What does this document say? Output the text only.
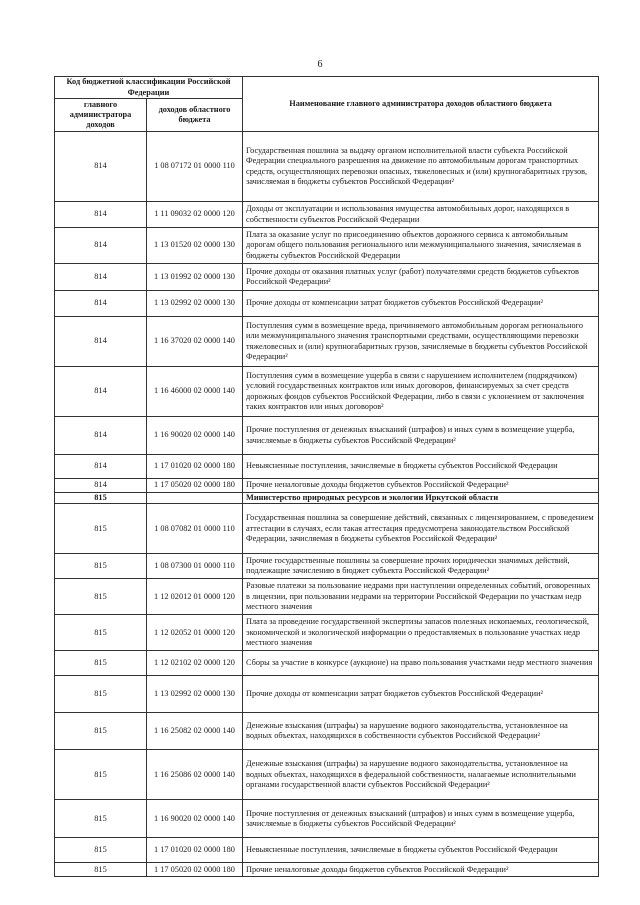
6
Код бюджетной классификации Российской Федерации		Наименование главного администратора доходов областного бюджета
главного администратора доходов	доходов областного бюджета	
814	1 08 07172 01 0000 110	Государственная пошлина за выдачу органом исполнительной власти субъекта Российской Федерации специального разрешения на движение по автомобильным дорогам транспортных средств, осуществляющих перевозки опасных, тяжеловесных и (или) крупногабаритных грузов, зачисляемая в бюджеты субъектов Российской Федерации²
814	1 11 09032 02 0000 120	Доходы от эксплуатации и использования имущества автомобильных дорог, находящихся в собственности субъектов Российской Федерации
814	1 13 01520 02 0000 130	Плата за оказание услуг по присоединению объектов дорожного сервиса к автомобильным дорогам общего пользования регионального или межмуниципального значения, зачисляемая в бюджеты субъектов Российской Федерации
814	1 13 01992 02 0000 130	Прочие доходы от оказания платных услуг (работ) получателями средств бюджетов субъектов Российской Федерации²
814	1 13 02992 02 0000 130	Прочие доходы от компенсации затрат бюджетов субъектов Российской Федерации²
814	1 16 37020 02 0000 140	Поступления сумм в возмещение вреда, причиняемого автомобильным дорогам регионального или межмуниципального значения транспортными средствами, осуществляющими перевозки тяжеловесных и (или) крупногабаритных грузов, зачисляемые в бюджеты субъектов Российской Федерации²
814	1 16 46000 02 0000 140	Поступления сумм в возмещение ущерба в связи с нарушением исполнителем (подрядчиком) условий государственных контрактов или иных договоров, финансируемых за счет средств дорожных фондов субъектов Российской Федерации, либо в связи с уклонением от заключения таких контрактов или иных договоров²
814	1 16 90020 02 0000 140	Прочие поступления от денежных взысканий (штрафов) и иных сумм в возмещение ущерба, зачисляемые в бюджеты субъектов Российской Федерации²
814	1 17 01020 02 0000 180	Невыясненные поступления, зачисляемые в бюджеты субъектов Российской Федерации
814	1 17 05020 02 0000 180	Прочие неналоговые доходы бюджетов субъектов Российской Федерации²
815		Министерство природных ресурсов и экологии Иркутской области
815	1 08 07082 01 0000 110	Государственная пошлина за совершение действий, связанных с лицензированием, с проведением аттестации в случаях, если такая аттестация предусмотрена законодательством Российской Федерации, зачисляемая в бюджеты субъектов Российской Федерации²
815	1 08 07300 01 0000 110	Прочие государственные пошлины за совершение прочих юридически значимых действий, подлежащие зачислению в бюджет субъекта Российской Федерации²
815	1 12 02012 01 0000 120	Разовые платежи за пользование недрами при наступлении определенных событий, оговоренных в лицензии, при пользовании недрами на территории Российской Федерации по участкам недр местного значения
815	1 12 02052 01 0000 120	Плата за проведение государственной экспертизы запасов полезных ископаемых, геологической, экономической и экологической информации о предоставляемых в пользование участках недр местного значения
815	1 12 02102 02 0000 120	Сборы за участие в конкурсе (аукционе) на право пользования участками недр местного значения
815	1 13 02992 02 0000 130	Прочие доходы от компенсации затрат бюджетов субъектов Российской Федерации²
815	1 16 25082 02 0000 140	Денежные взыскания (штрафы) за нарушение водного законодательства, установленное на водных объектах, находящихся в собственности субъектов Российской Федерации²
815	1 16 25086 02 0000 140	Денежные взыскания (штрафы) за нарушение водного законодательства, установленное на водных объектах, находящихся в федеральной собственности, налагаемые исполнительными органами государственной власти субъектов Российской Федерации²
815	1 16 90020 02 0000 140	Прочие поступления от денежных взысканий (штрафов) и иных сумм в возмещение ущерба, зачисляемые в бюджеты субъектов Российской Федерации²
815	1 17 01020 02 0000 180	Невыясненные поступления, зачисляемые в бюджеты субъектов Российской Федерации
815	1 17 05020 02 0000 180	Прочие неналоговые доходы бюджетов субъектов Российской Федерации²
